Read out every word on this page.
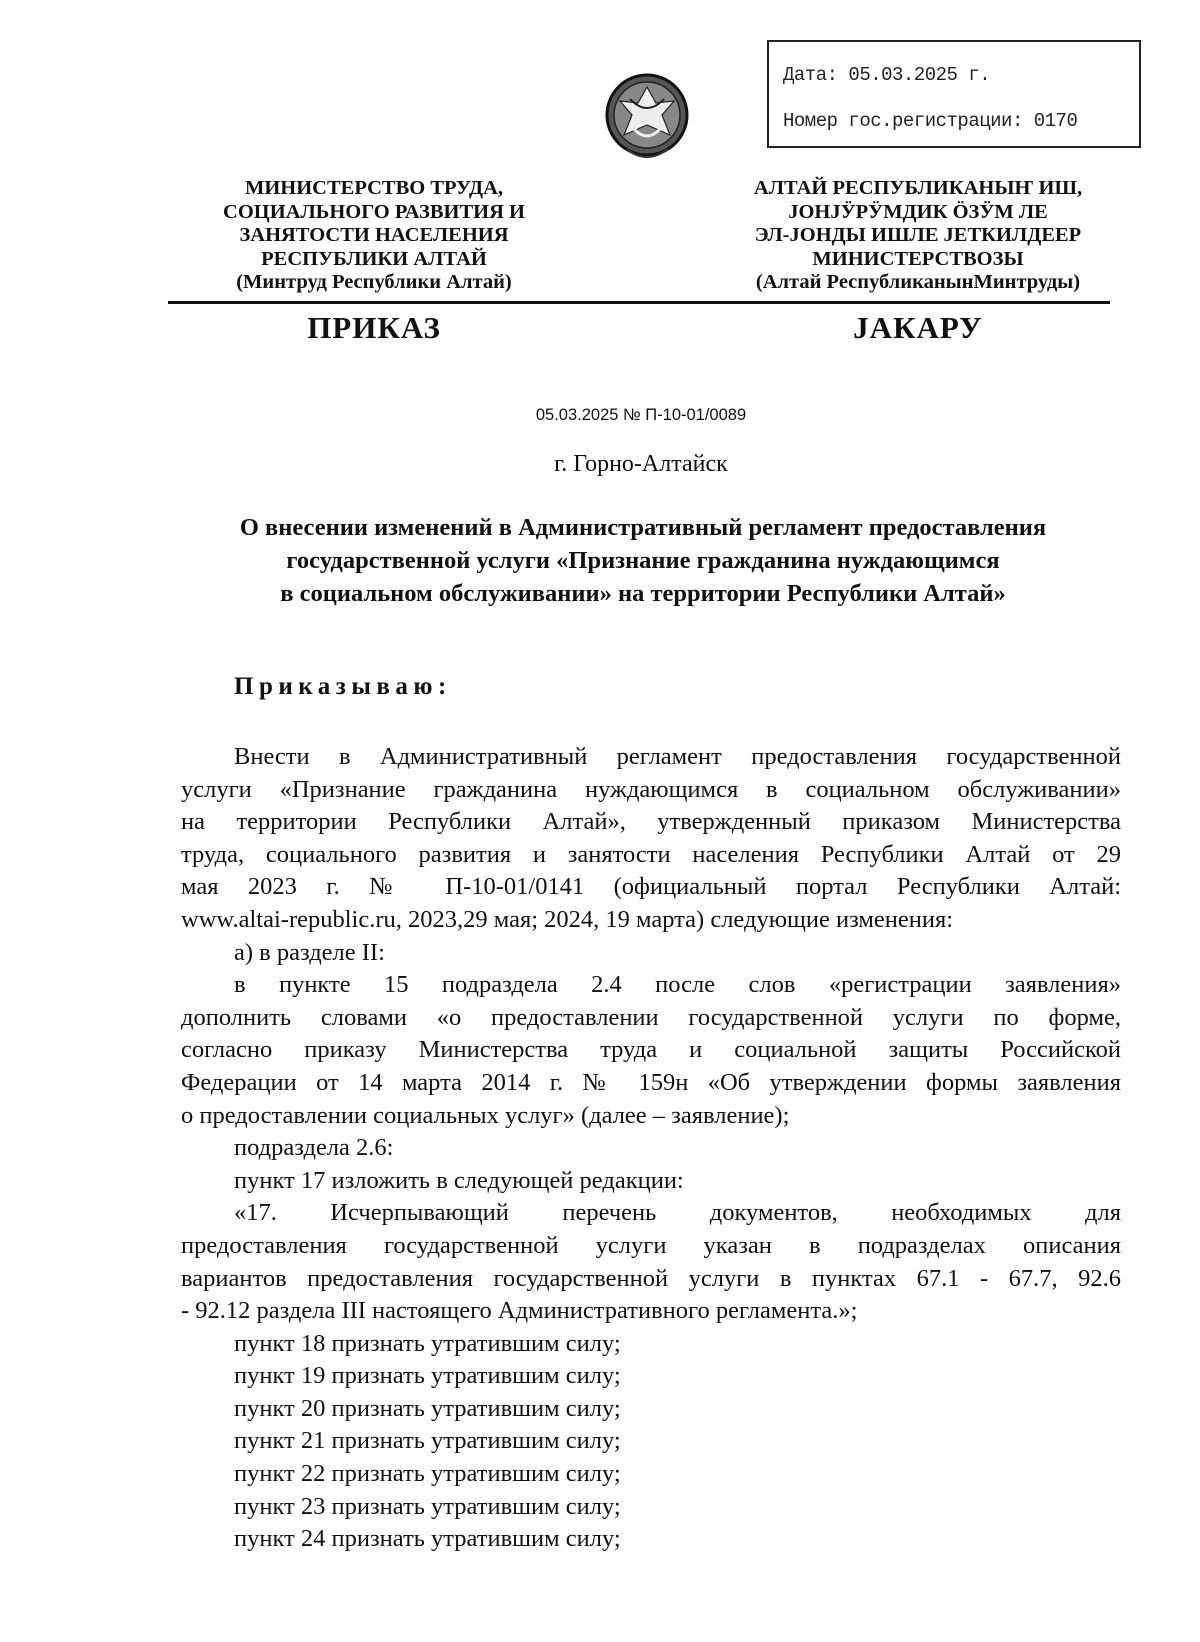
Дата: 05.03.2025 г.
Номер гос.регистрации: 0170
МИНИСТЕРСТВО ТРУДА,
СОЦИАЛЬНОГО РАЗВИТИЯ И
ЗАНЯТОСТИ НАСЕЛЕНИЯ
РЕСПУБЛИКИ АЛТАЙ
(Минтруд Республики Алтай)
АЛТАЙ РЕСПУБЛИКАНЫҤ ИШ,
ЈОНЈӰРӰМДИК ӦЗӰМ ЛЕ
ЭЛ-ЈОНДЫ ИШЛЕ ЈЕТКИЛДЕЕР
МИНИСТЕРСТВОЗЫ
(Алтай РеспубликанынМинтруды)
ПРИКАЗ	ЈАКАРУ
05.03.2025 № П-10-01/0089
г. Горно-Алтайск
О внесении изменений в Административный регламент предоставления
государственной услуги «Признание гражданина нуждающимся
в социальном обслуживании» на территории Республики Алтай»
Приказываю:
Внести в Административный регламент предоставления государственной
услуги «Признание гражданина нуждающимся в социальном обслуживании»
на территории Республики Алтай», утвержденный приказом Министерства
труда, социального развития и занятости населения Республики Алтай от 29
мая 2023 г. № П-10-01/0141 (официальный портал Республики Алтай:
www.altai-republic.ru, 2023,29 мая; 2024, 19 марта) следующие изменения:
а) в разделе II:
в пункте 15 подраздела 2.4 после слов «регистрации заявления»
дополнить словами «о предоставлении государственной услуги по форме,
согласно приказу Министерства труда и социальной защиты Российской
Федерации от 14 марта 2014 г. № 159н «Об утверждении формы заявления
о предоставлении социальных услуг» (далее – заявление);
подраздела 2.6:
пункт 17 изложить в следующей редакции:
«17. Исчерпывающий перечень документов, необходимых для
предоставления государственной услуги указан в подразделах описания
вариантов предоставления государственной услуги в пунктах 67.1 - 67.7, 92.6
- 92.12 раздела III настоящего Административного регламента.»;
пункт 18 признать утратившим силу;
пункт 19 признать утратившим силу;
пункт 20 признать утратившим силу;
пункт 21 признать утратившим силу;
пункт 22 признать утратившим силу;
пункт 23 признать утратившим силу;
пункт 24 признать утратившим силу;
